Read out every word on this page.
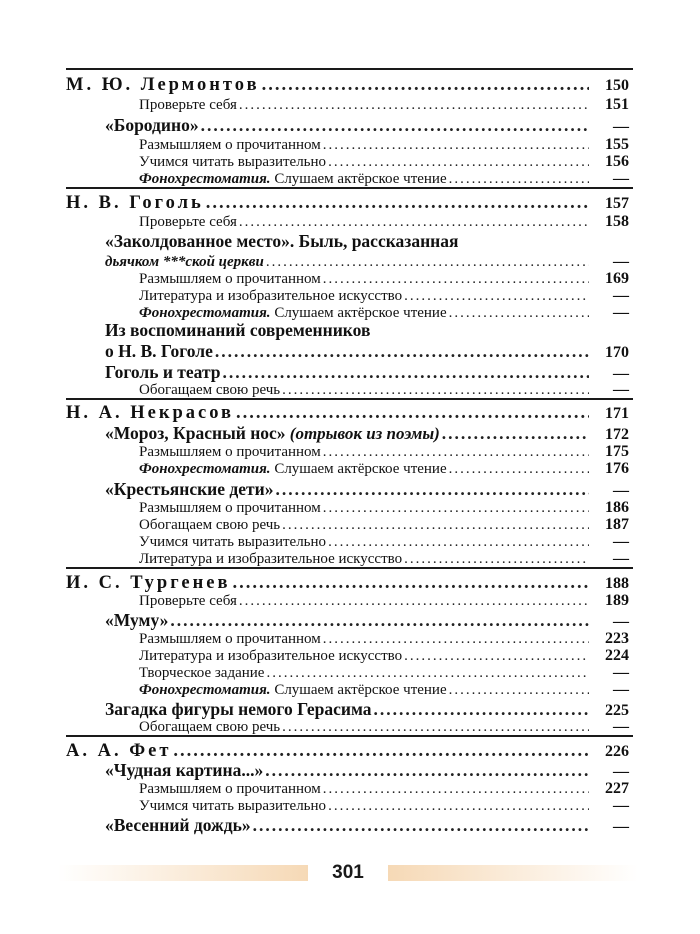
М. Ю. Лермонтов .....	150
Проверьте себя .....	151
«Бородино» .....	—
Размышляем о прочитанном .....	155
Учимся читать выразительно .....	156
Фонохрестоматия. Слушаем актёрское чтение .....	—
Н. В. Гоголь .....	157
Проверьте себя .....	158
«Заколдованное место». Быль, рассказанная
дьячком ***ской церкви .....	—
Размышляем о прочитанном .....	169
Литература и изобразительное искусство .....	—
Фонохрестоматия. Слушаем актёрское чтение .....	—
Из воспоминаний современников
о Н. В. Гоголе .....	170
Гоголь и театр .....	—
Обогащаем свою речь .....	—
Н. А. Некрасов .....	171
«Мороз, Красный нос» (отрывок из поэмы) .....	172
Размышляем о прочитанном .....	175
Фонохрестоматия. Слушаем актёрское чтение .....	176
«Крестьянские дети» .....	—
Размышляем о прочитанном .....	186
Обогащаем свою речь .....	187
Учимся читать выразительно .....	—
Литература и изобразительное искусство .....	—
И. С. Тургенев .....	188
Проверьте себя .....	189
«Муму» .....	—
Размышляем о прочитанном .....	223
Литература и изобразительное искусство .....	224
Творческое задание .....	—
Фонохрестоматия. Слушаем актёрское чтение .....	—
Загадка фигуры немого Герасима .....	225
Обогащаем свою речь .....	—
А. А. Фет .....	226
«Чудная картина...» .....	—
Размышляем о прочитанном .....	227
Учимся читать выразительно .....	—
«Весенний дождь» .....	—
301
